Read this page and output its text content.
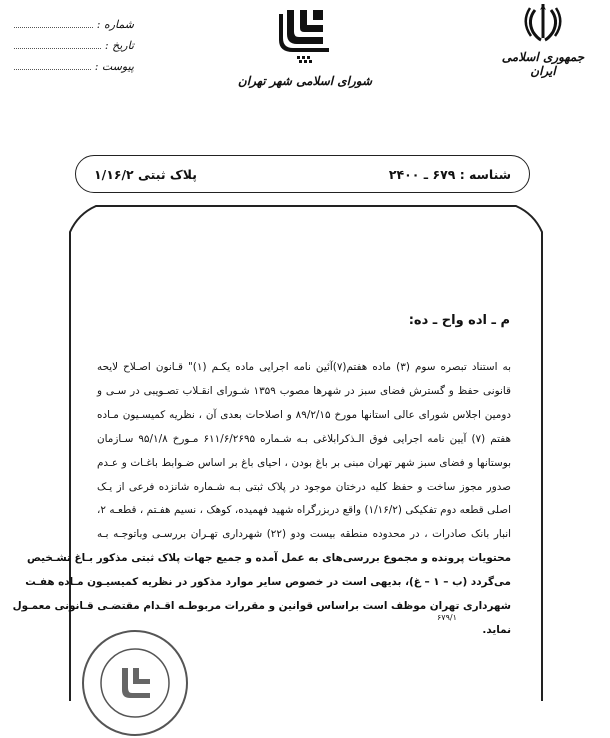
شماره :
تاریخ :
پیوست :
شورای اسلامی شهر تهران
جمهوری اسلامی ایران
شناسه : ۶۷۹ ـ ۲۴۰۰
پلاک ثبتی ۱/۱۶/۲
م ـ اده واح ـ ده:
به استناد تبصره سوم (۳) ماده هفتم(۷)آئین نامه اجرایی ماده یکـم (۱)" قـانون اصـلاح لایحه
قانونی حفظ و گسترش فضای سبز در شهرها مصوب ۱۳۵۹ شـورای انقـلاب تصـویبی در سـی و
دومین اجلاس شورای عالی استانها مورخ ۸۹/۲/۱۵ و اصلاحات بعدی آن ، نظریه کمیسـیون مـاده
هفتم (۷) آیین نامه اجرایی فوق الـذکرابلاغی بـه شـماره ۶۱۱/۶/۲۶۹۵ مـورخ ۹۵/۱/۸ سـازمان
بوستانها و فضای سبز شهر تهران مبنی بر باغ بودن ، احیای باغ بر اساس ضـوابط باغـات و عـدم
صدور مجوز ساخت و حفظ کلیه درختان موجود در پلاک ثبتی بـه شـماره شانزده فرعی از یـک
اصلی قطعه دوم تفکیکی (۱/۱۶/۲) واقع دربزرگراه شهید فهمیده، کوهک ، نسیم هفـتم ، قطعـه ۲،
انبار بانک صادرات ، در محدوده منطقه بیست ودو (۲۲) شهرداری تهـران بررسـی وباتوجـه بـه
محتویات پرونده و مجموع بررسی‌های به عمل آمده و جمیع جهات پلاک ثبتی مذکور بـاغ تشـخیص
می‌گردد (ب – ۱ – غ)، بدیهی است در خصوص سایر موارد مذکور در نظریه کمیسیـون مـاده هفـت
شهرداری تهران موظف است براساس قوانین و مقررات مربوطـه اقـدام مقتضـی قـانونی معمـول
نماید.
۶۷۹/۱
